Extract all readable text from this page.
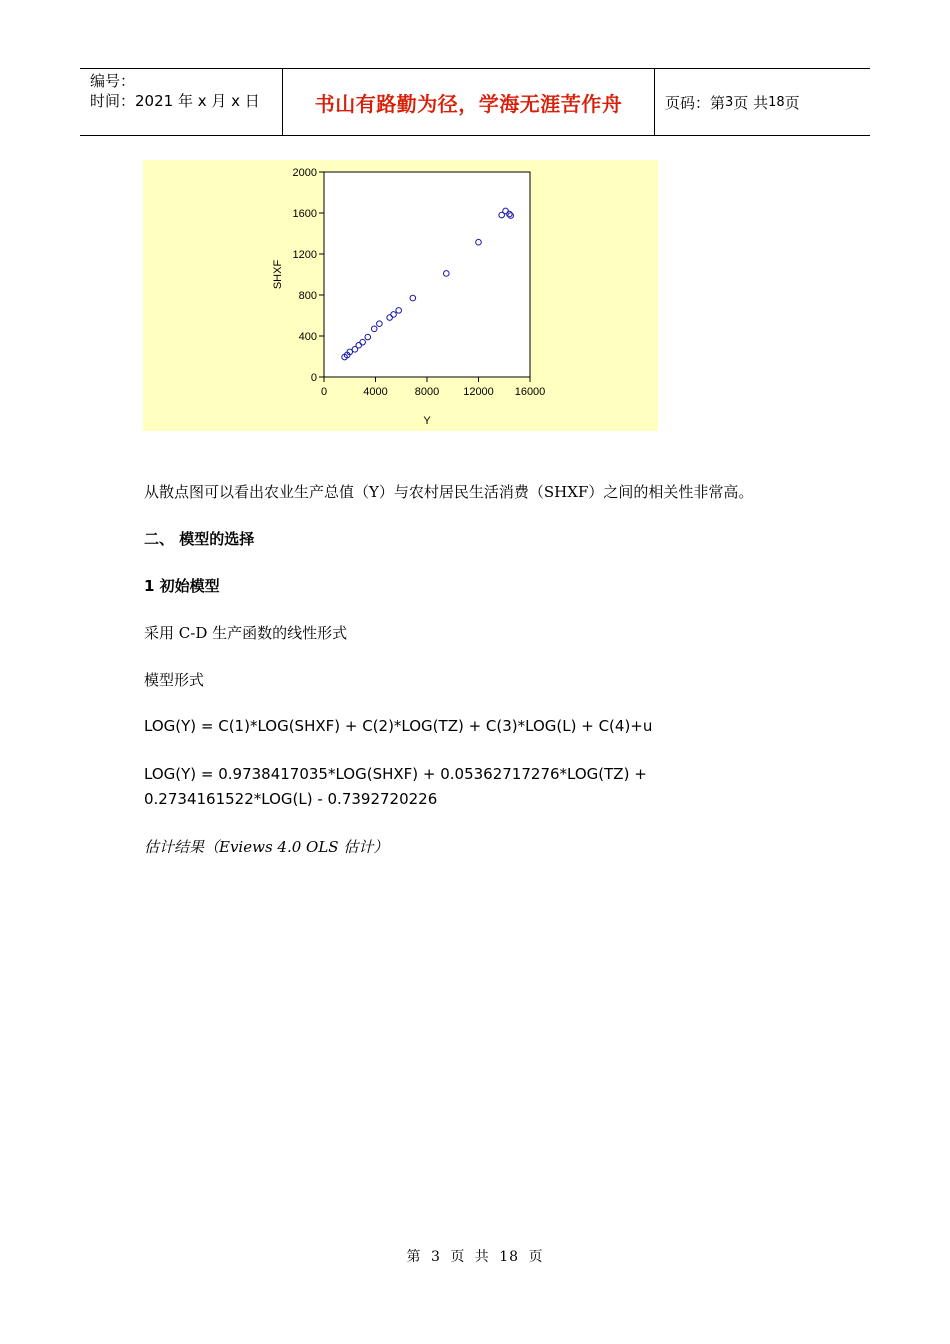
编号：
时间：2021 年 x 月 x 日	书山有路勤为径，学海无涯苦作舟	页码：第 3 页 共 18 页
0
400
800
1200
1600
2000
0	4000 8000 12000 16000
Y
SHXF
从散点图可以看出农业生产总值（Y）与农村居民生活消费（SHXF）之间的相关性非常高。
二、 模型的选择
1 初始模型
采用 C-D 生产函数的线性形式
模型形式
LOG(Y) = C(1)*LOG(SHXF) + C(2)*LOG(TZ) + C(3)*LOG(L) + C(4)+u
LOG(Y) = 0.9738417035*LOG(SHXF) + 0.05362717276*LOG(TZ) +
0.2734161522*LOG(L) - 0.7392720226
估计结果（Eviews 4.0 OLS 估计）
第 3 页 共 18 页
